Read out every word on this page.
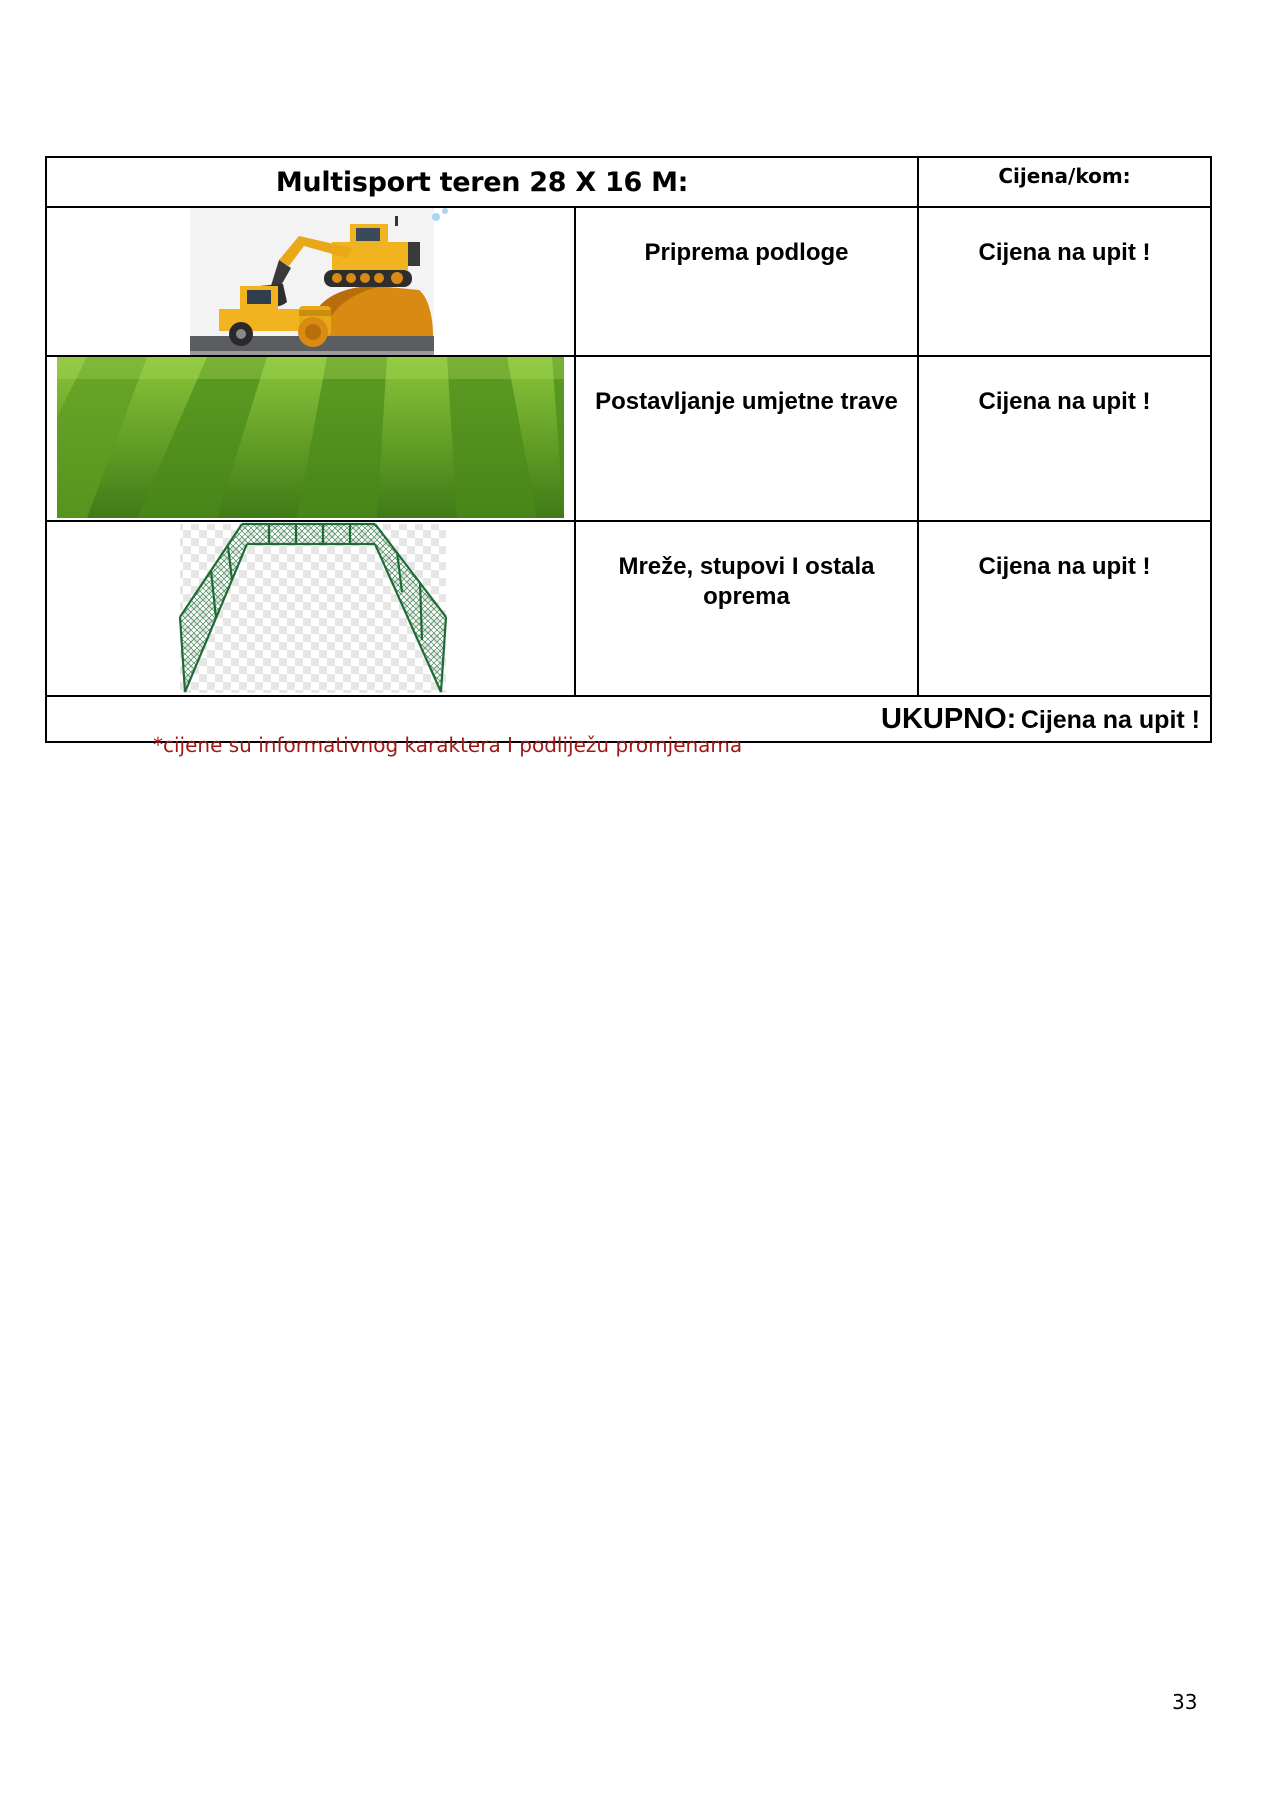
Multisport teren 28 X 16 M:		Cijena/kom:

	Priprema podloge	Cijena na upit !

	Postavljanje umjetne trave	Cijena na upit !

	Mreže, stupovi I ostala oprema	Cijena na upit !
UKUPNO: Cijena na upit !		
*cijene su informativnog karaktera I podliježu promjenama
33
